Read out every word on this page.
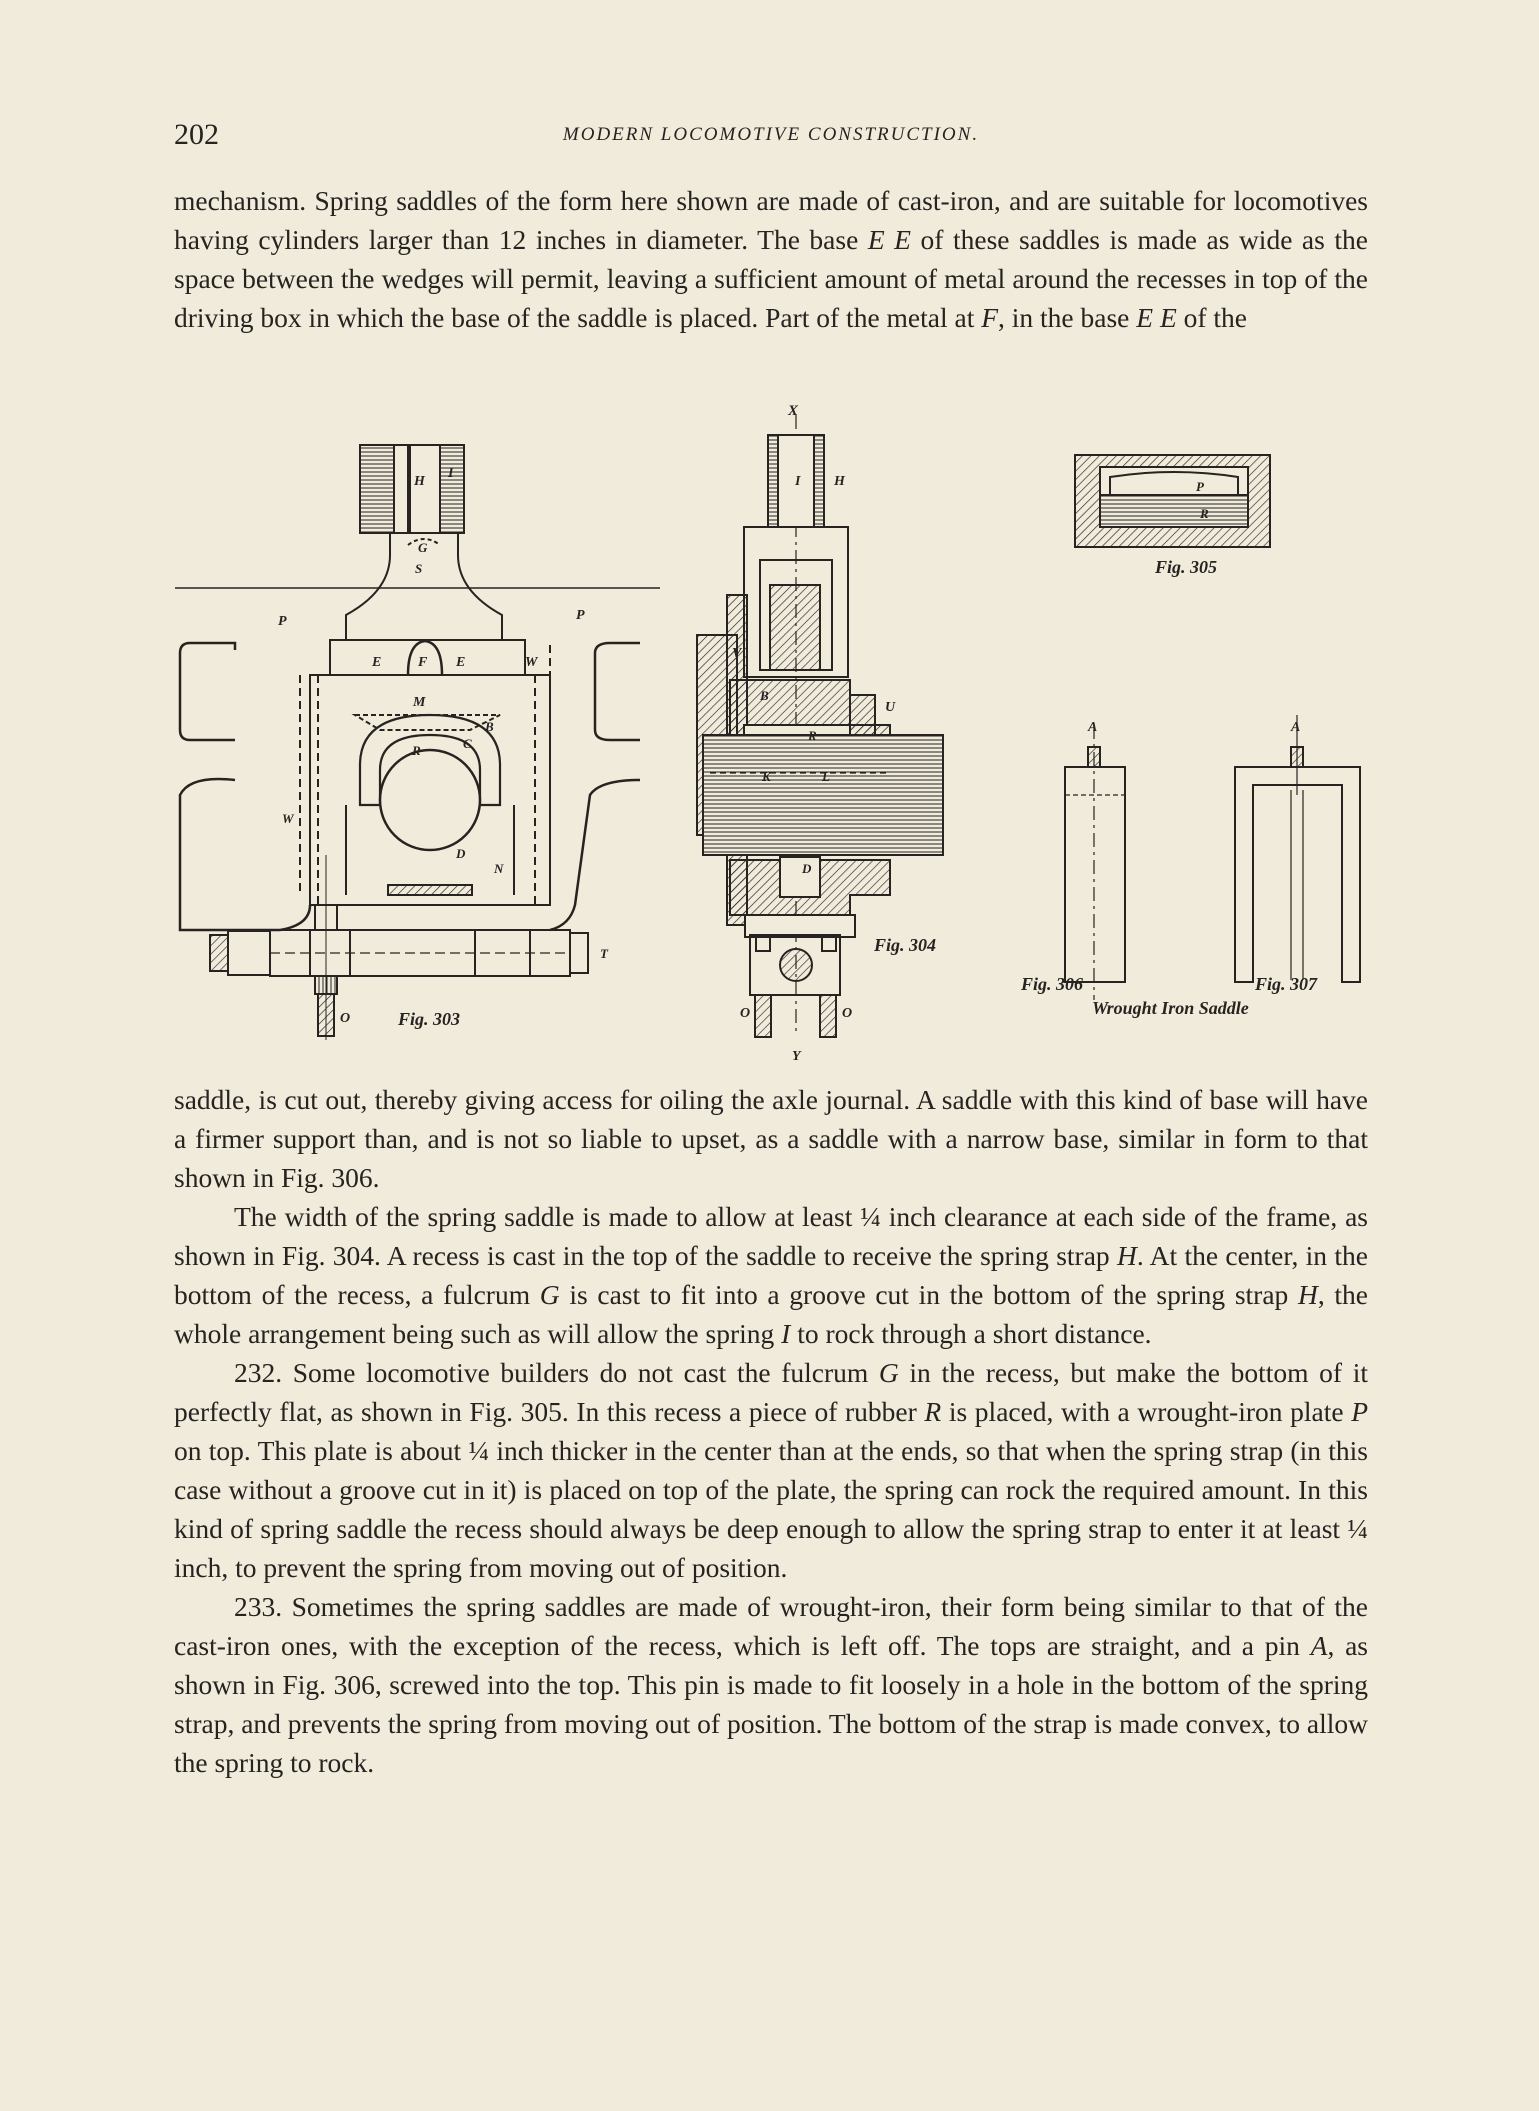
202	MODERN LOCOMOTIVE CONSTRUCTION.

mechanism. Spring saddles of the form here shown are made of cast-iron, and are suitable for locomotives having cylinders larger than 12 inches in diameter. The base E E of these saddles is made as wide as the space between the wedges will permit, leaving a sufficient amount of metal around the recesses in top of the driving box in which the base of the saddle is placed. Part of the metal at F, in the base E E of the

H
I
G
S
P	P
E	F E	W
M
B
R	C
D
N
W
T
O	Fig. 303
X
I H
V
U
B
R
K	L
D
O	O
Y
Fig. 304
P
R
Fig. 305
A	A
Fig. 306	Fig. 307
Wrought Iron Saddle

saddle, is cut out, thereby giving access for oiling the axle journal. A saddle with this kind of base will have a firmer support than, and is not so liable to upset, as a saddle with a narrow base, similar in form to that shown in Fig. 306.

The width of the spring saddle is made to allow at least ¼ inch clearance at each side of the frame, as shown in Fig. 304. A recess is cast in the top of the saddle to receive the spring strap H. At the center, in the bottom of the recess, a fulcrum G is cast to fit into a groove cut in the bottom of the spring strap H, the whole arrangement being such as will allow the spring I to rock through a short distance.

232. Some locomotive builders do not cast the fulcrum G in the recess, but make the bottom of it perfectly flat, as shown in Fig. 305. In this recess a piece of rubber R is placed, with a wrought-iron plate P on top. This plate is about ¼ inch thicker in the center than at the ends, so that when the spring strap (in this case without a groove cut in it) is placed on top of the plate, the spring can rock the required amount. In this kind of spring saddle the recess should always be deep enough to allow the spring strap to enter it at least ¼ inch, to prevent the spring from moving out of position.

233. Sometimes the spring saddles are made of wrought-iron, their form being similar to that of the cast-iron ones, with the exception of the recess, which is left off. The tops are straight, and a pin A, as shown in Fig. 306, screwed into the top. This pin is made to fit loosely in a hole in the bottom of the spring strap, and prevents the spring from moving out of position. The bottom of the strap is made convex, to allow the spring to rock.
